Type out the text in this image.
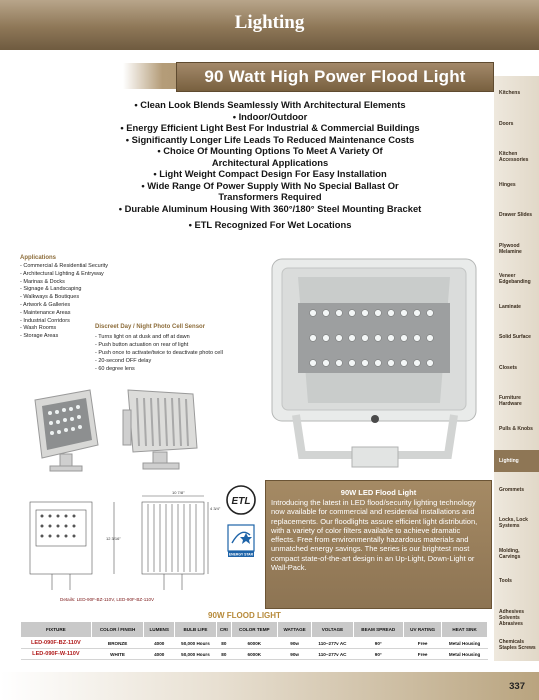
Lighting
90 Watt High Power Flood Light
• Clean Look Blends Seamlessly With Architectural Elements
• Indoor/Outdoor
• Energy Efficient Light Best For Industrial & Commercial Buildings
• Significantly Longer Life Leads To Reduced Maintenance Costs
• Choice Of Mounting Options To Meet A Variety Of
Architectural Applications
• Light Weight Compact Design For Easy Installation
• Wide Range Of Power Supply With No Special Ballast Or
Transformers Required
• Durable Aluminum Housing With 360°/180° Steel Mounting Bracket
• ETL Recognized For Wet Locations
Applications
- Commercial & Residential Security
- Architectural Lighting & Entryway
- Marinas & Docks
- Signage & Landscaping
- Walkways & Boutiques
- Artwork & Galleries
- Maintenance Areas
- Industrial Corridors
- Wash Rooms
- Storage Areas
Discreet Day / Night Photo Cell Sensor
- Turns light on at dusk and off at dawn
- Push button actuation on rear of light
- Push once to activate/twice to deactivate photo cell
- 20-second OFF delay
- 60 degree lens
10 7/8"
12 3/16"
4 3/4"
Details: LED-90F-BZ-110V, LED-90F-BZ-110V
ETL
ENERGY STAR
90W LED Flood Light

Introducing the latest in LED flood/security lighting technology now available for commercial and residential installations and replacements. Our floodlights assure efficient light distribution, with a variety of color filters available to achieve dramatic effects. Free from environmentally hazardous materials and unmatched energy savings. The series is our brightest most compact state-of-the-art design in an Up-Light, Down-Light or Wall-Pack.

90W FLOOD LIGHT
FIXTURE	COLOR / FINISH	LUMENS	BULB LIFE	CRI	COLOR TEMP	WATTAGE	VOLTAGE	BEAM SPREAD	UV RATING	HEAT SINK
LED-090F-BZ-110V	BRONZE	4000	50,000 Hours	80	6000K	90w	110~277v AC	90°	Free	Metal Housing
LED-090F-W-110V	WHITE	4000	50,000 Hours	80	6000K	90w	110~277v AC	90°	Free	Metal Housing
Kitchens
Doors
Kitchen Accessories
Hinges
Drawer Slides
Plywood Melamine
Veneer Edgebanding
Laminate
Solid Surface
Closets
Furniture Hardware
Pulls & Knobs
Lighting
Grommets
Locks, Lock Systems
Molding, Carvings
Tools
Adhesives Solvents Abrasives
Chemicals Staples Screws
337
